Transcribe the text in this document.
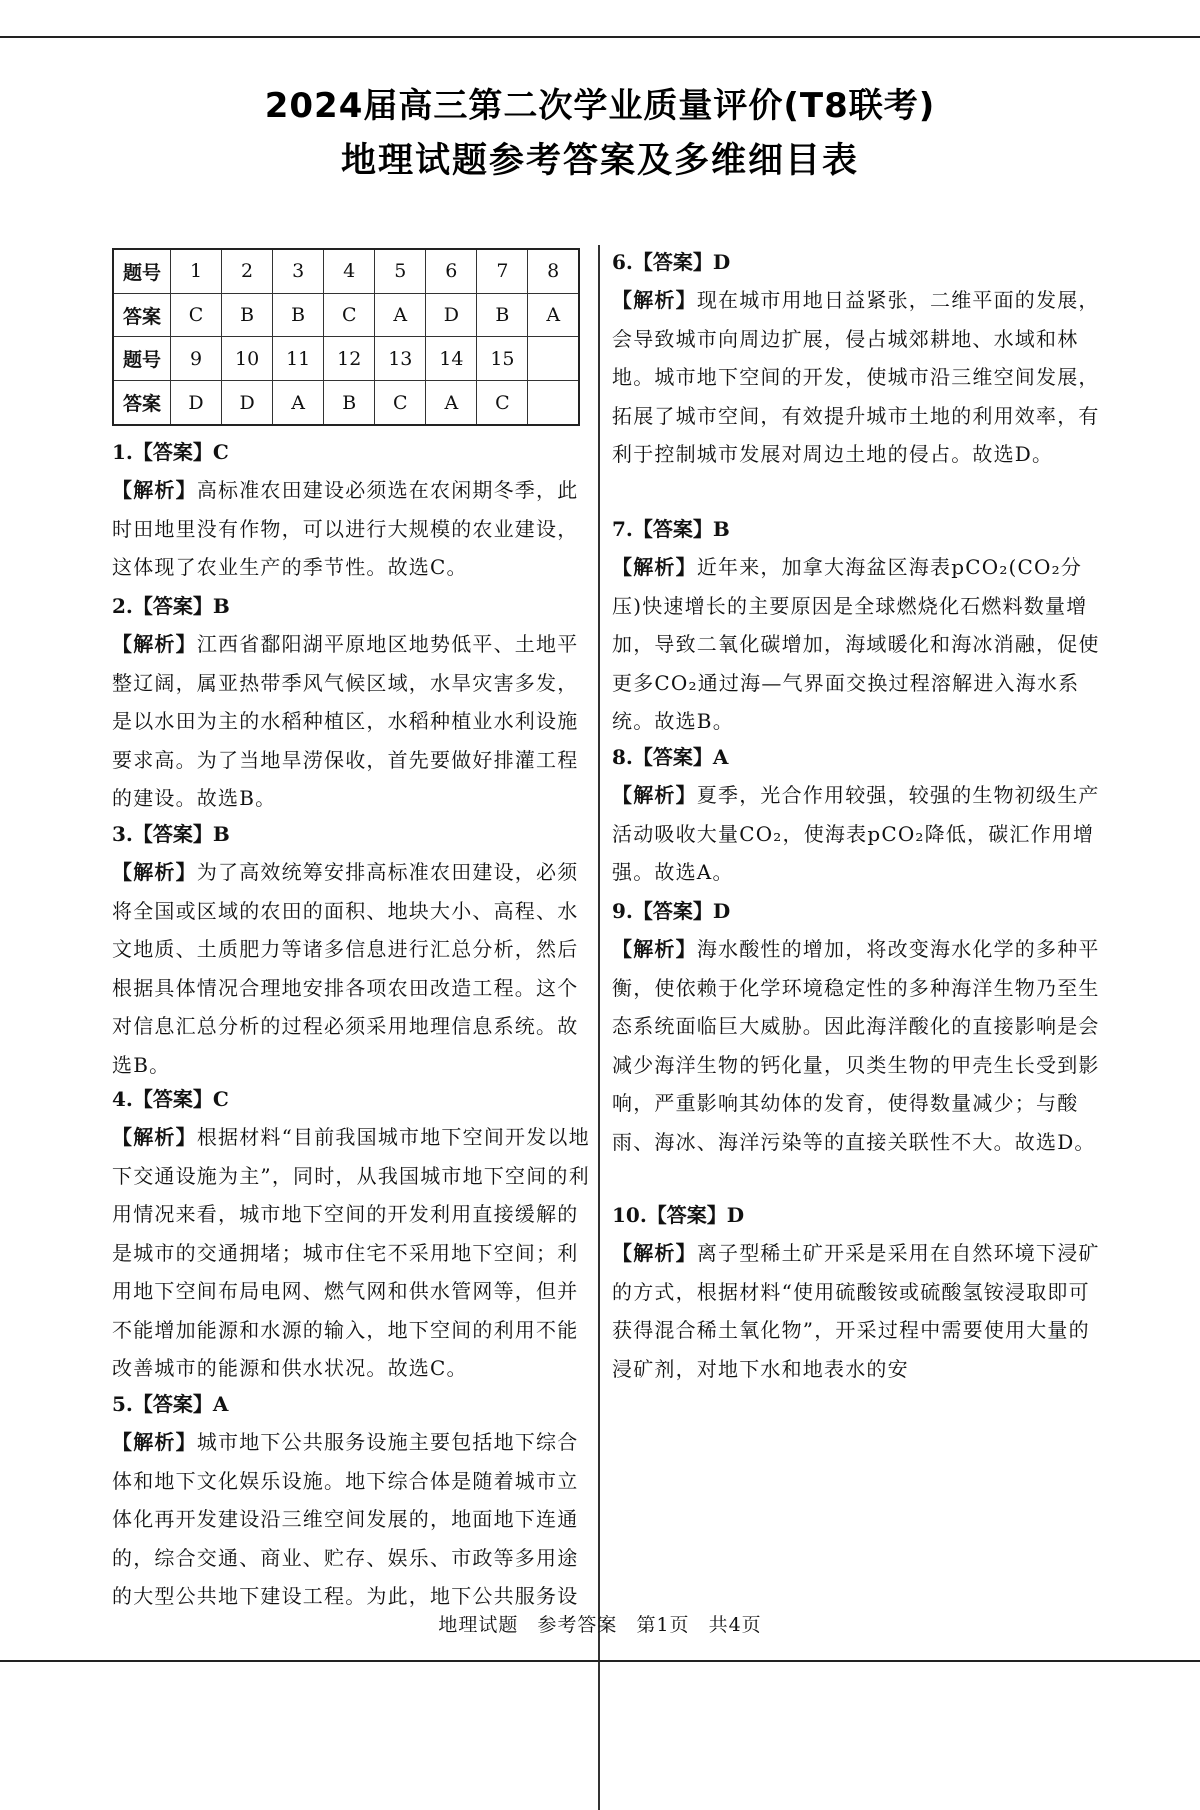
2024届高三第二次学业质量评价(T8联考)
地理试题参考答案及多维细目表
题号	1	2	3	4	5	6	7	8
答案	C	B	B	C	A	D	B	A
题号	9	10	11	12	13	14	15	
答案	D	D	A	B	C	A	C	
1.【答案】C

【解析】高标准农田建设必须选在农闲期冬季，此时田地里没有作物，可以进行大规模的农业建设，这体现了农业生产的季节性。故选C。

2.【答案】B

【解析】江西省鄱阳湖平原地区地势低平、土地平整辽阔，属亚热带季风气候区域，水旱灾害多发，是以水田为主的水稻种植区，水稻种植业水利设施要求高。为了当地旱涝保收，首先要做好排灌工程的建设。故选B。

3.【答案】B

【解析】为了高效统筹安排高标准农田建设，必须将全国或区域的农田的面积、地块大小、高程、水文地质、土质肥力等诸多信息进行汇总分析，然后根据具体情况合理地安排各项农田改造工程。这个对信息汇总分析的过程必须采用地理信息系统。故选B。

4.【答案】C

【解析】根据材料“目前我国城市地下空间开发以地下交通设施为主”，同时，从我国城市地下空间的利用情况来看，城市地下空间的开发利用直接缓解的是城市的交通拥堵；城市住宅不采用地下空间；利用地下空间布局电网、燃气网和供水管网等，但并不能增加能源和水源的输入，地下空间的利用不能改善城市的能源和供水状况。故选C。

5.【答案】A

【解析】城市地下公共服务设施主要包括地下综合体和地下文化娱乐设施。地下综合体是随着城市立体化再开发建设沿三维空间发展的，地面地下连通的，综合交通、商业、贮存、娱乐、市政等多用途的大型公共地下建设工程。为此，地下公共服务设

6.【答案】D

【解析】现在城市用地日益紧张，二维平面的发展，会导致城市向周边扩展，侵占城郊耕地、水域和林地。城市地下空间的开发，使城市沿三维空间发展，拓展了城市空间，有效提升城市土地的利用效率，有利于控制城市发展对周边土地的侵占。故选D。

7.【答案】B

【解析】近年来，加拿大海盆区海表pCO₂(CO₂分压)快速增长的主要原因是全球燃烧化石燃料数量增加，导致二氧化碳增加，海域暖化和海冰消融，促使更多CO₂通过海—气界面交换过程溶解进入海水系统。故选B。

8.【答案】A

【解析】夏季，光合作用较强，较强的生物初级生产活动吸收大量CO₂，使海表pCO₂降低，碳汇作用增强。故选A。

9.【答案】D

【解析】海水酸性的增加，将改变海水化学的多种平衡，使依赖于化学环境稳定性的多种海洋生物乃至生态系统面临巨大威胁。因此海洋酸化的直接影响是会减少海洋生物的钙化量，贝类生物的甲壳生长受到影响，严重影响其幼体的发育，使得数量减少；与酸雨、海冰、海洋污染等的直接关联性不大。故选D。

10.【答案】D

【解析】离子型稀土矿开采是采用在自然环境下浸矿的方式，根据材料“使用硫酸铵或硫酸氢铵浸取即可获得混合稀土氧化物”，开采过程中需要使用大量的浸矿剂，对地下水和地表水的安

地理试题 参考答案 第1页 共4页
